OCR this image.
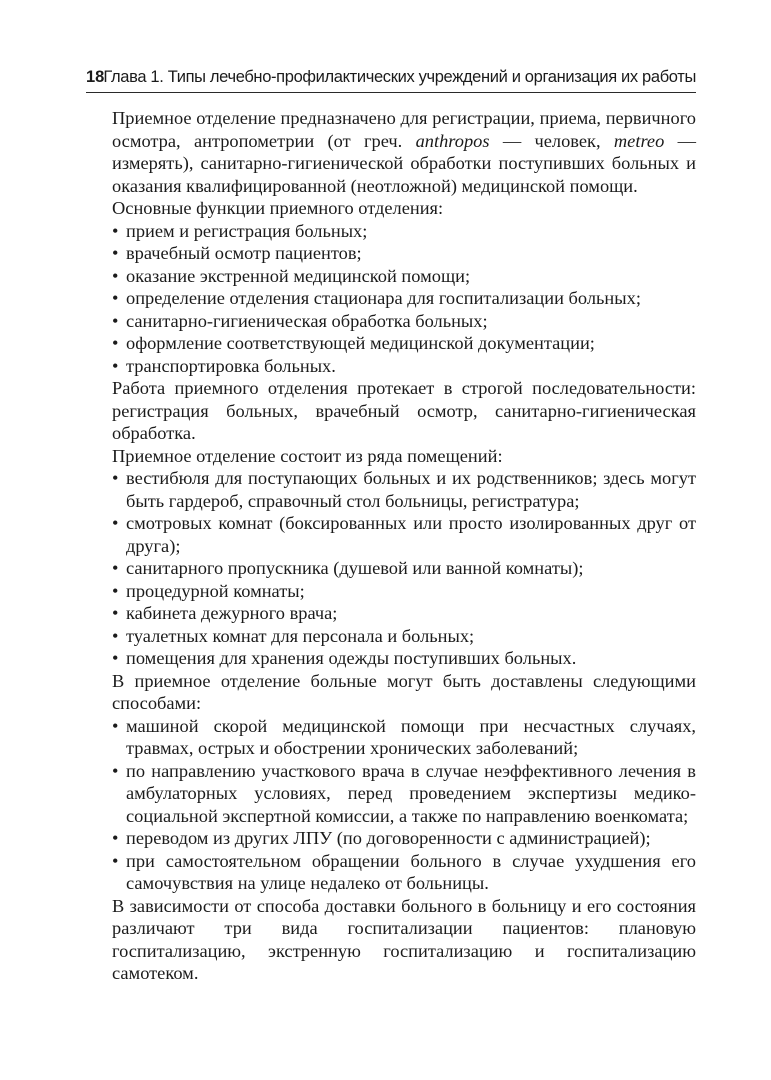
18
Глава 1. Типы лечебно-профилактических учреждений и организация их работы

Приемное отделение предназначено для регистрации, приема, первичного осмотра, антропометрии (от греч. anthropos — человек, metreo — измерять), санитарно-гигиенической обработки поступивших больных и оказания квалифицированной (неотложной) медицинской помощи.

Основные функции приемного отделения:

• прием и регистрация больных;
• врачебный осмотр пациентов;
• оказание экстренной медицинской помощи;
• определение отделения стационара для госпитализации больных;
• санитарно-гигиеническая обработка больных;
• оформление соответствующей медицинской документации;
• транспортировка больных.

Работа приемного отделения протекает в строгой последовательности: регистрация больных, врачебный осмотр, санитарно-гигиеническая обработка.

Приемное отделение состоит из ряда помещений:

• вестибюля для поступающих больных и их родственников; здесь могут быть гардероб, справочный стол больницы, регистратура;
• смотровых комнат (боксированных или просто изолированных друг от друга);
• санитарного пропускника (душевой или ванной комнаты);
• процедурной комнаты;
• кабинета дежурного врача;
• туалетных комнат для персонала и больных;
• помещения для хранения одежды поступивших больных.

В приемное отделение больные могут быть доставлены следующими способами:

• машиной скорой медицинской помощи при несчастных случаях, травмах, острых и обострении хронических заболеваний;
• по направлению участкового врача в случае неэффективного лечения в амбулаторных условиях, перед проведением экспертизы медико-социальной экспертной комиссии, а также по направлению военкомата;
• переводом из других ЛПУ (по договоренности с администрацией);
• при самостоятельном обращении больного в случае ухудшения его самочувствия на улице недалеко от больницы.

В зависимости от способа доставки больного в больницу и его состояния различают три вида госпитализации пациентов: плановую госпитализацию, экстренную госпитализацию и госпитализацию самотеком.
